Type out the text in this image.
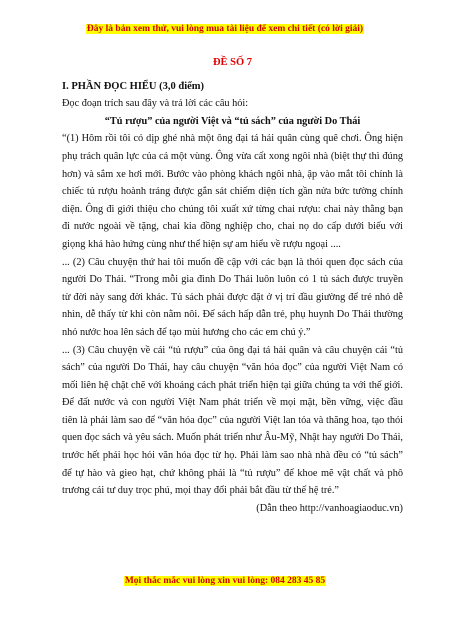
Đây là bản xem thử, vui lòng mua tài liệu để xem chi tiết (có lời giải)

ĐỀ SỐ 7

I. PHẦN ĐỌC HIỂU (3,0 điểm)

Đọc đoạn trích sau đây và trả lời các câu hỏi:

“Tủ rượu” của người Việt và “tủ sách” của người Do Thái

“(1) Hôm rồi tôi có dịp ghé nhà một ông đại tá hải quân cùng quê chơi. Ông hiện phụ trách quân lực của cả một vùng. Ông vừa cất xong ngôi nhà (biệt thự thì đúng hơn) và sắm xe hơi mới. Bước vào phòng khách ngôi nhà, ập vào mắt tôi chính là chiếc tủ rượu hoành tráng được gắn sát chiếm diện tích gần nửa bức tường chính diện. Ông đi giới thiệu cho chúng tôi xuất xứ từng chai rượu: chai này thằng bạn đi nước ngoài về tặng, chai kia đồng nghiệp cho, chai nọ do cấp dưới biếu với giọng khá hào hứng cùng như thể hiện sự am hiểu về rượu ngoại ....

... (2) Câu chuyện thứ hai tôi muốn đề cập với các bạn là thói quen đọc sách của người Do Thái. “Trong mỗi gia đình Do Thái luôn luôn có 1 tủ sách được truyền từ đời này sang đời khác. Tủ sách phải được đặt ở vị trí đầu giường để trẻ nhỏ dễ nhìn, dễ thấy từ khi còn nằm nôi. Để sách hấp dẫn trẻ, phụ huynh Do Thái thường nhỏ nước hoa lên sách để tạo mùi hương cho các em chú ý.”

... (3) Câu chuyện về cái “tủ rượu” của ông đại tá hải quân và câu chuyện cái “tủ sách” của người Do Thái, hay câu chuyện “văn hóa đọc” của người Việt Nam có mối liên hệ chặt chẽ với khoảng cách phát triển hiện tại giữa chúng ta với thế giới. Để đất nước và con người Việt Nam phát triển về mọi mặt, bền vững, việc đầu tiên là phải làm sao để “văn hóa đọc” của người Việt lan tỏa và thăng hoa, tạo thói quen đọc sách và yêu sách. Muốn phát triển như Âu-Mỹ, Nhật hay người Do Thái, trước hết phải học hỏi văn hóa đọc từ họ. Phải làm sao nhà nhà đều có “tủ sách” để tự hào và gieo hạt, chứ không phải là “tủ rượu” để khoe mẽ vật chất và phô trương cái tư duy trọc phú, mọi thay đổi phải bắt đầu từ thế hệ trẻ.”

(Dẫn theo http://vanhoagiaoduc.vn)

Mọi thắc mắc vui lòng xin vui lòng: 084 283 45 85
